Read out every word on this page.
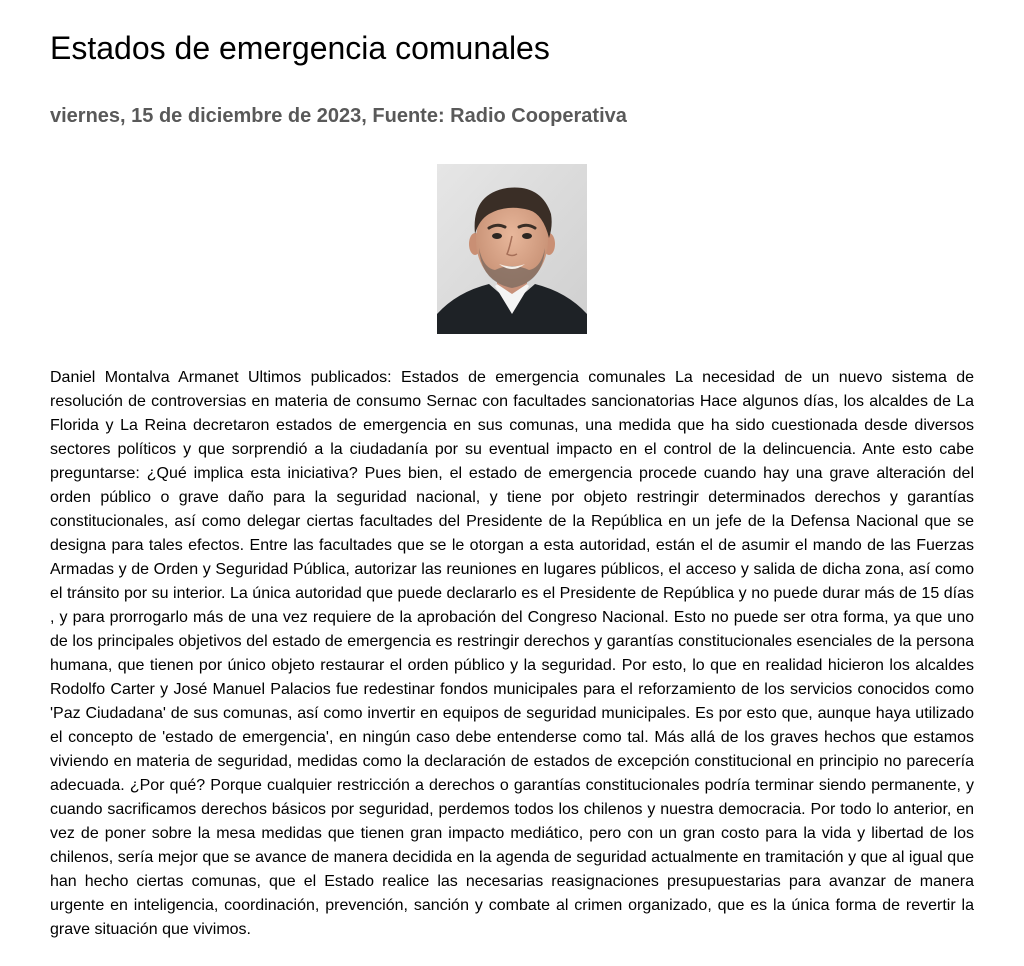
Estados de emergencia comunales
viernes, 15 de diciembre de 2023, Fuente: Radio Cooperativa

Daniel Montalva Armanet Ultimos publicados: Estados de emergencia comunales La necesidad de un nuevo sistema de resolución de controversias en materia de consumo Sernac con facultades sancionatorias Hace algunos días, los alcaldes de La Florida y La Reina decretaron estados de emergencia en sus comunas, una medida que ha sido cuestionada desde diversos sectores políticos y que sorprendió a la ciudadanía por su eventual impacto en el control de la delincuencia. Ante esto cabe preguntarse: ¿Qué implica esta iniciativa? Pues bien, el estado de emergencia procede cuando hay una grave alteración del orden público o grave daño para la seguridad nacional, y tiene por objeto restringir determinados derechos y garantías constitucionales, así como delegar ciertas facultades del Presidente de la República en un jefe de la Defensa Nacional que se designa para tales efectos. Entre las facultades que se le otorgan a esta autoridad, están el de asumir el mando de las Fuerzas Armadas y de Orden y Seguridad Pública, autorizar las reuniones en lugares públicos, el acceso y salida de dicha zona, así como el tránsito por su interior. La única autoridad que puede declararlo es el Presidente de República y no puede durar más de 15 días , y para prorrogarlo más de una vez requiere de la aprobación del Congreso Nacional. Esto no puede ser otra forma, ya que uno de los principales objetivos del estado de emergencia es restringir derechos y garantías constitucionales esenciales de la persona humana, que tienen por único objeto restaurar el orden público y la seguridad. Por esto, lo que en realidad hicieron los alcaldes Rodolfo Carter y José Manuel Palacios fue redestinar fondos municipales para el reforzamiento de los servicios conocidos como 'Paz Ciudadana' de sus comunas, así como invertir en equipos de seguridad municipales. Es por esto que, aunque haya utilizado el concepto de 'estado de emergencia', en ningún caso debe entenderse como tal. Más allá de los graves hechos que estamos viviendo en materia de seguridad, medidas como la declaración de estados de excepción constitucional en principio no parecería adecuada. ¿Por qué? Porque cualquier restricción a derechos o garantías constitucionales podría terminar siendo permanente, y cuando sacrificamos derechos básicos por seguridad, perdemos todos los chilenos y nuestra democracia. Por todo lo anterior, en vez de poner sobre la mesa medidas que tienen gran impacto mediático, pero con un gran costo para la vida y libertad de los chilenos, sería mejor que se avance de manera decidida en la agenda de seguridad actualmente en tramitación y que al igual que han hecho ciertas comunas, que el Estado realice las necesarias reasignaciones presupuestarias para avanzar de manera urgente en inteligencia, coordinación, prevención, sanción y combate al crimen organizado, que es la única forma de revertir la grave situación que vivimos.
